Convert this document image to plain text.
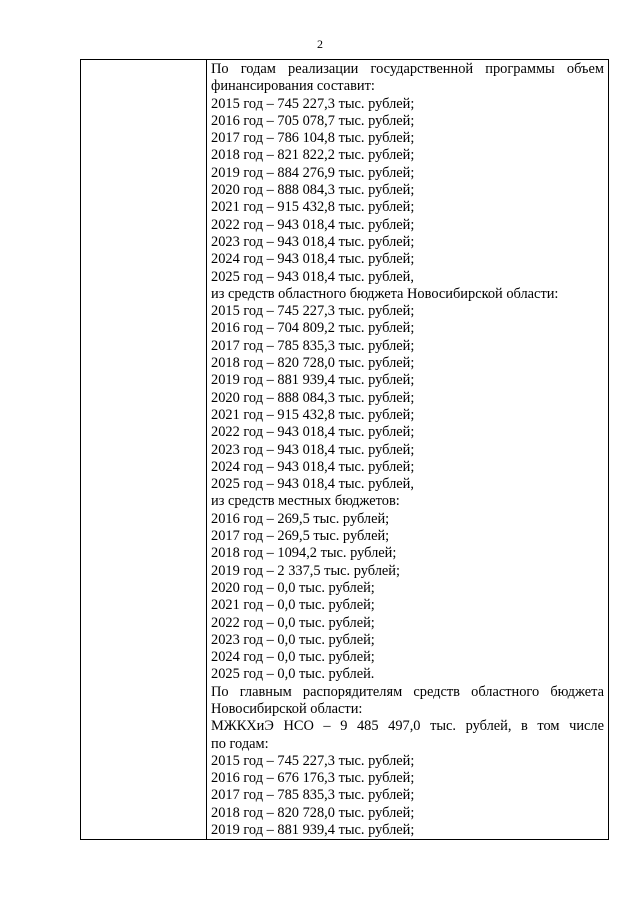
2

По годам реализации государственной программы объем
финансирования составит:
2015 год – 745 227,3 тыс. рублей;
2016 год – 705 078,7 тыс. рублей;
2017 год – 786 104,8 тыс. рублей;
2018 год – 821 822,2 тыс. рублей;
2019 год – 884 276,9 тыс. рублей;
2020 год – 888 084,3 тыс. рублей;
2021 год – 915 432,8 тыс. рублей;
2022 год – 943 018,4 тыс. рублей;
2023 год – 943 018,4 тыс. рублей;
2024 год – 943 018,4 тыс. рублей;
2025 год – 943 018,4 тыс. рублей,
из средств областного бюджета Новосибирской области:
2015 год – 745 227,3 тыс. рублей;
2016 год – 704 809,2 тыс. рублей;
2017 год – 785 835,3 тыс. рублей;
2018 год – 820 728,0 тыс. рублей;
2019 год – 881 939,4 тыс. рублей;
2020 год – 888 084,3 тыс. рублей;
2021 год – 915 432,8 тыс. рублей;
2022 год – 943 018,4 тыс. рублей;
2023 год – 943 018,4 тыс. рублей;
2024 год – 943 018,4 тыс. рублей;
2025 год – 943 018,4 тыс. рублей,
из средств местных бюджетов:
2016 год – 269,5 тыс. рублей;
2017 год – 269,5 тыс. рублей;
2018 год – 1094,2 тыс. рублей;
2019 год – 2 337,5 тыс. рублей;
2020 год – 0,0 тыс. рублей;
2021 год – 0,0 тыс. рублей;
2022 год – 0,0 тыс. рублей;
2023 год – 0,0 тыс. рублей;
2024 год – 0,0 тыс. рублей;
2025 год – 0,0 тыс. рублей.
По главным распорядителям средств областного бюджета
Новосибирской области:
МЖКХиЭ НСО – 9 485 497,0 тыс. рублей, в том числе
по годам:
2015 год – 745 227,3 тыс. рублей;
2016 год – 676 176,3 тыс. рублей;
2017 год – 785 835,3 тыс. рублей;
2018 год – 820 728,0 тыс. рублей;
2019 год – 881 939,4 тыс. рублей;
